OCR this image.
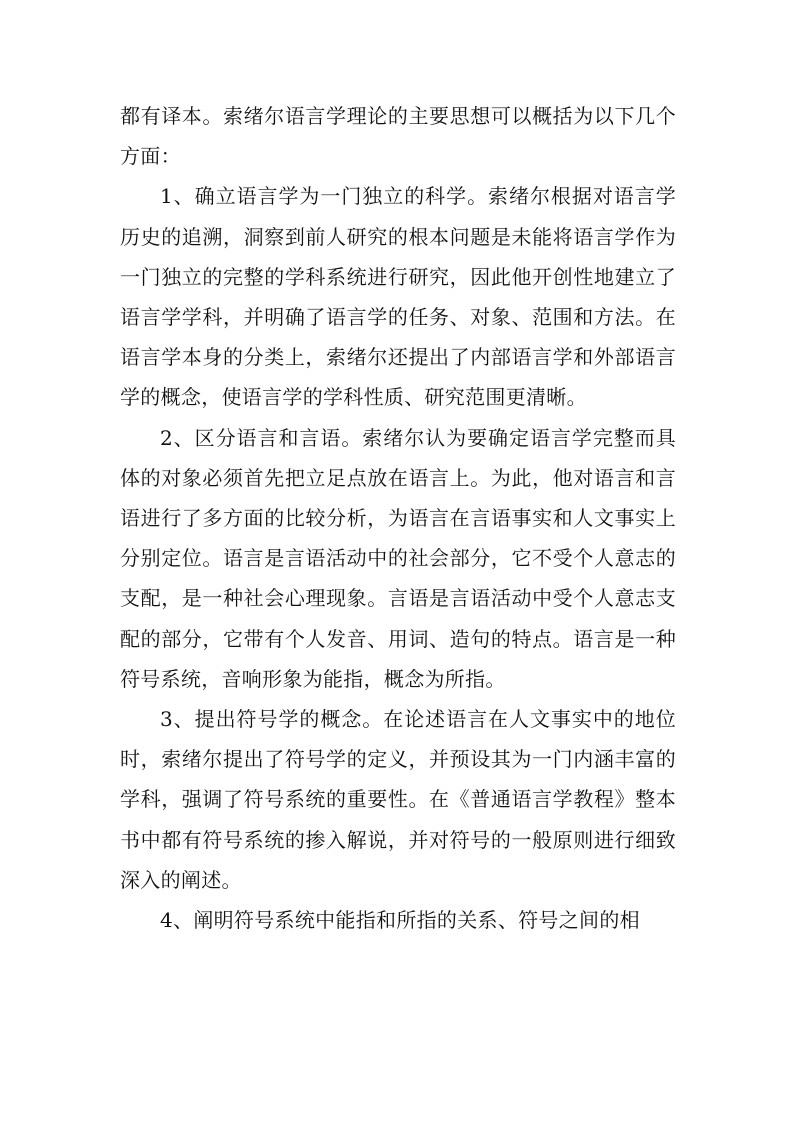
都有译本。索绪尔语言学理论的主要思想可以概括为以下几个方面：

1、确立语言学为一门独立的科学。索绪尔根据对语言学历史的追溯，洞察到前人研究的根本问题是未能将语言学作为一门独立的完整的学科系统进行研究，因此他开创性地建立了语言学学科，并明确了语言学的任务、对象、范围和方法。在语言学本身的分类上，索绪尔还提出了内部语言学和外部语言学的概念，使语言学的学科性质、研究范围更清晰。

2、区分语言和言语。索绪尔认为要确定语言学完整而具体的对象必须首先把立足点放在语言上。为此，他对语言和言语进行了多方面的比较分析，为语言在言语事实和人文事实上分别定位。语言是言语活动中的社会部分，它不受个人意志的支配，是一种社会心理现象。言语是言语活动中受个人意志支配的部分，它带有个人发音、用词、造句的特点。语言是一种符号系统，音响形象为能指，概念为所指。

3、提出符号学的概念。在论述语言在人文事实中的地位时，索绪尔提出了符号学的定义，并预设其为一门内涵丰富的学科，强调了符号系统的重要性。在《普通语言学教程》整本书中都有符号系统的掺入解说，并对符号的一般原则进行细致深入的阐述。

4、阐明符号系统中能指和所指的关系、符号之间的相
